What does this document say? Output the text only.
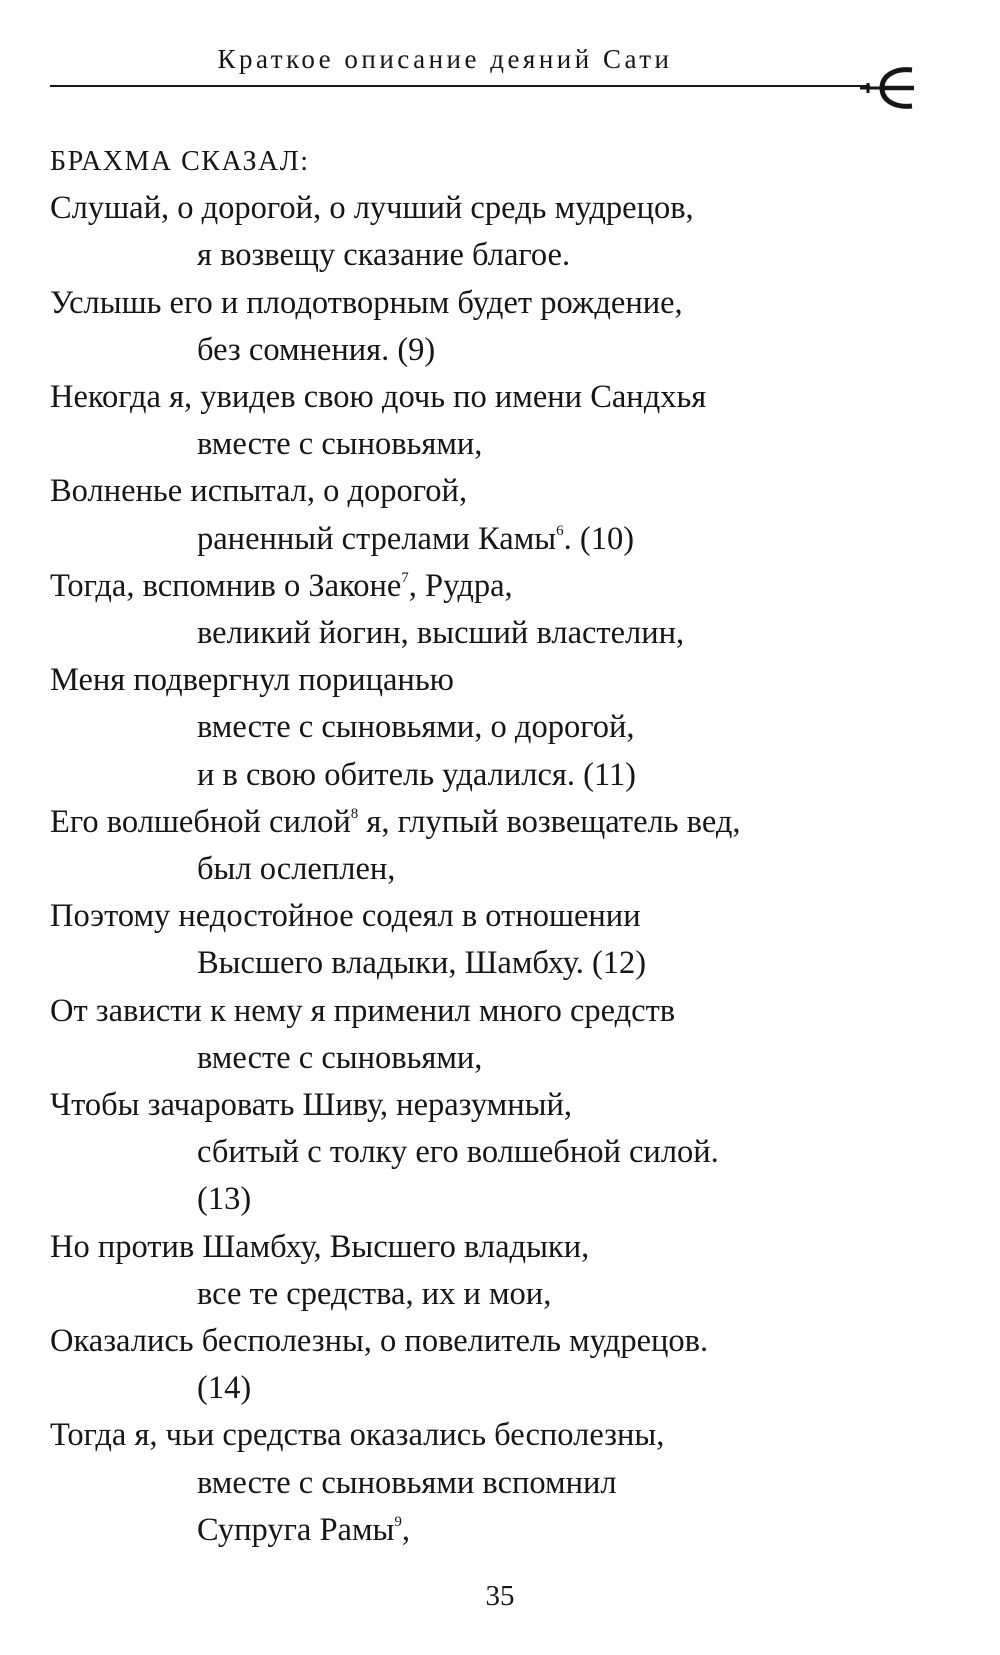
Краткое описание деяний Сати
БРАХМА СКАЗАЛ:
Слушай, о дорогой, о лучший средь мудрецов,
я возвещу сказание благое.
Услышь его и плодотворным будет рождение,
без сомнения. (9)
Некогда я, увидев свою дочь по имени Сандхья
вместе с сыновьями,
Волненье испытал, о дорогой,
раненный стрелами Камы$^6$. (10)
Тогда, вспомнив о Законе$^7$, Рудра,
великий йогин, высший властелин,
Меня подвергнул порицанью
вместе с сыновьями, о дорогой,
и в свою обитель удалился. (11)
Его волшебной силой$^8$ я, глупый возвещатель вед,
был ослеплен,
Поэтому недостойное содеял в отношении
Высшего владыки, Шамбху. (12)
От зависти к нему я применил много средств
вместе с сыновьями,
Чтобы зачаровать Шиву, неразумный,
сбитый с толку его волшебной силой.
(13)
Но против Шамбху, Высшего владыки,
все те средства, их и мои,
Оказались бесполезны, о повелитель мудрецов.
(14)
Тогда я, чьи средства оказались бесполезны,
вместе с сыновьями вспомнил
Супруга Рамы$^9$,
35
